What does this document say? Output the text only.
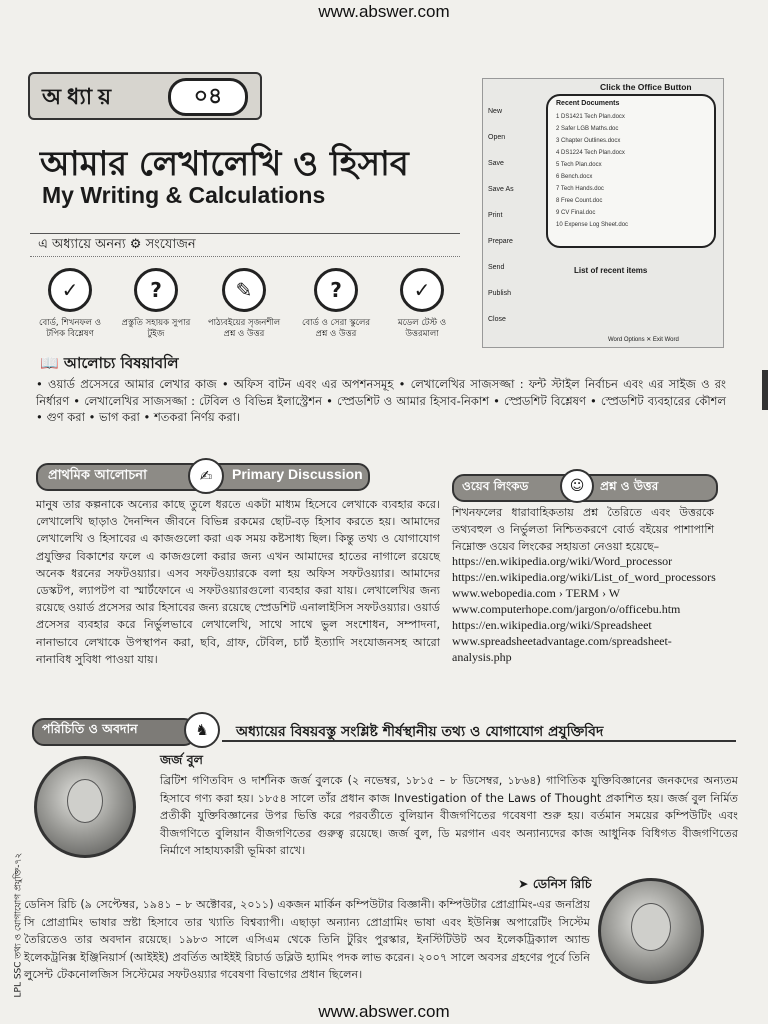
www.abswer.com
অধ্যায়	০৪
আমার লেখালেখি ও হিসাব
My Writing & Calculations
এ অধ্যায়ে অনন্য ⚙ সংযোজন
✓
বোর্ড, শিখনফল ও টপিক বিশ্লেষণ
?
প্রস্তুতি সহায়ক সুপার টুইজ
✎
পাঠ্যবইয়ের সৃজনশীল প্রশ্ন ও উত্তর
?
বোর্ড ও সেরা স্কুলের প্রশ্ন ও উত্তর
✓
মডেল টেস্ট ও উত্তরমালা
Click the Office Button
New
Open
Save
Save As
Print
Prepare
Send
Publish
Close
Recent Documents
1 DS1421 Tech Plan.docx
2 Safer LGB Maths.doc
3 Chapter Outlines.docx
4 DS1224 Tech Plan.docx
5 Tech Plan.docx
6 Bench.docx
7 Tech Hands.doc
8 Free Count.doc
9 CV Final.doc
10 Expense Log Sheet.doc
List of recent items
Word Options ✕ Exit Word
📖 আলোচ্য বিষয়াবলি
• ওয়ার্ড প্রসেসরে আমার লেখার কাজ • অফিস বাটন এবং এর অপশনসমূহ • লেখালেখির সাজসজ্জা : ফন্ট স্টাইল নির্বাচন এবং এর সাইজ ও রং নির্ধারণ • লেখালেখির সাজসজ্জা : টেবিল ও বিভিন্ন ইলাস্ট্রেশন • স্প্রেডশিট ও আমার হিসাব-নিকাশ • স্প্রেডশিট বিশ্লেষণ • স্প্রেডশিট ব্যবহারের কৌশল • গুণ করা • ভাগ করা • শতকরা নির্ণয় করা।
প্রাথমিক আলোচনা	✍	Primary Discussion
মানুষ তার কল্পনাকে অন্যের কাছে তুলে ধরতে একটা মাধ্যম হিসেবে লেখাকে ব্যবহার করে। লেখালেখি ছাড়াও দৈনন্দিন জীবনে বিভিন্ন রকমের ছোট-বড় হিসাব করতে হয়। আমাদের লেখালেখি ও হিসাবের এ কাজগুলো করা এক সময় কষ্টসাধ্য ছিল। কিন্তু তথ্য ও যোগাযোগ প্রযুক্তির বিকাশের ফলে এ কাজগুলো করার জন্য এখন আমাদের হাতের নাগালে রয়েছে অনেক ধরনের সফটওয়্যার। এসব সফটওয়্যারকে বলা হয় অফিস সফটওয়্যার। আমাদের ডেস্কটপ, ল্যাপটপ বা স্মার্টফোনে এ সফটওয়্যারগুলো ব্যবহার করা যায়। লেখালেখির জন্য রয়েছে ওয়ার্ড প্রসেসর আর হিসাবের জন্য রয়েছে স্প্রেডশিট এনালাইসিস সফটওয়্যার। ওয়ার্ড প্রসেসর ব্যবহার করে নির্ভুলভাবে লেখালেখি, সাথে সাথে ভুল সংশোধন, সম্পাদনা, নানাভাবে লেখাকে উপস্থাপন করা, ছবি, গ্রাফ, টেবিল, চার্ট ইত্যাদি সংযোজনসহ আরো নানাবিধ সুবিধা পাওয়া যায়।
ওয়েব লিংকড	☺	প্রশ্ন ও উত্তর
শিখনফলের ধারাবাহিকতায় প্রশ্ন তৈরিতে এবং উত্তরকে তথ্যবহুল ও নির্ভুলতা নিশ্চিতকরণে বোর্ড বইয়ের পাশাপাশি নিম্নোক্ত ওয়েব লিংকের সহায়তা নেওয়া হয়েছে–
https://en.wikipedia.org/wiki/Word_processor
https://en.wikipedia.org/wiki/List_of_word_processors
www.webopedia.com › TERM › W
www.computerhope.com/jargon/o/officebu.htm
https://en.wikipedia.org/wiki/Spreadsheet
www.spreadsheetadvantage.com/spreadsheet-
analysis.php
পরিচিতি ও অবদান	♞	অধ্যায়ের বিষয়বস্তু সংশ্লিষ্ট শীর্ষস্থানীয় তথ্য ও যোগাযোগ প্রযুক্তিবিদ
জর্জ বুল
ব্রিটিশ গণিতবিদ ও দার্শনিক জর্জ বুলকে (২ নভেম্বর, ১৮১৫ – ৮ ডিসেম্বর, ১৮৬৪) গাণিতিক যুক্তিবিজ্ঞানের জনকদের অন্যতম হিসাবে গণ্য করা হয়। ১৮৫৪ সালে তাঁর প্রধান কাজ Investigation of the Laws of Thought প্রকাশিত হয়। জর্জ বুল নির্মিত প্রতীকী যুক্তিবিজ্ঞানের উপর ভিত্তি করে পরবর্তীতে বুলিয়ান বীজগণিতের গবেষণা শুরু হয়। বর্তমান সময়ের কম্পিউটিং এবং বীজগণিতে বুলিয়ান বীজগণিতের গুরুত্ব রয়েছে। জর্জ বুল, ডি মরগান এবং অন্যান্যদের কাজ আধুনিক বিধিগত বীজগণিতের নির্মাণে সাহায্যকারী ভূমিকা রাখে।
➤ ডেনিস রিচি
ডেনিস রিচি (৯ সেপ্টেম্বর, ১৯৪১ – ৮ অক্টোবর, ২০১১) একজন মার্কিন কম্পিউটার বিজ্ঞানী। কম্পিউটার প্রোগ্রামিং-এর জনপ্রিয় সি প্রোগ্রামিং ভাষার স্রষ্টা হিসাবে তার খ্যাতি বিশ্বব্যাপী। এছাড়া অন্যান্য প্রোগ্রামিং ভাষা এবং ইউনিক্স অপারেটিং সিস্টেম তৈরিতেও তার অবদান রয়েছে। ১৯৮৩ সালে এসিএম থেকে তিনি টুরিং পুরস্কার, ইনস্টিটিউট অব ইলেকট্রিক্যাল অ্যান্ড ইলেকট্রনিক্স ইঞ্জিনিয়ার্স (আইইই) প্রবর্তিত আইইই রিচার্ড ডব্লিউ হ্যামিং পদক লাভ করেন। ২০০৭ সালে অবসর গ্রহণের পূর্বে তিনি লুসেন্ট টেকনোলজিস সিস্টেমের সফটওয়্যার গবেষণা বিভাগের প্রধান ছিলেন।
LPL SSC তথ্য ও যোগাযোগ প্রযুক্তি-৭২
www.abswer.com
